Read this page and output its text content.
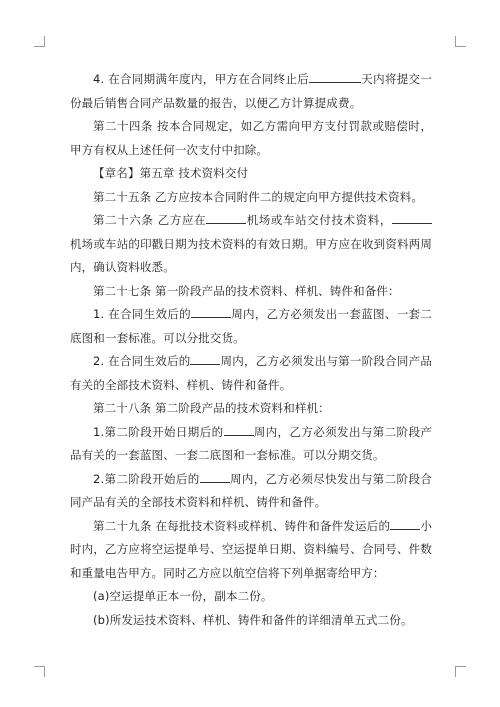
4. 在合同期满年度内，甲方在合同终止后	天内将提交一份最后销售合同产品数量的报告，以便乙方计算提成费。

第二十四条 按本合同规定，如乙方需向甲方支付罚款或赔偿时，甲方有权从上述任何一次支付中扣除。

【章名】第五章 技术资料交付

第二十五条 乙方应按本合同附件二的规定向甲方提供技术资料。

第二十六条 乙方应在	机场或车站交付技术资料，机场或车站的印戳日期为技术资料的有效日期。甲方应在收到资料两周内，确认资料收悉。

第二十七条 第一阶段产品的技术资料、样机、铸件和备件：

1. 在合同生效后的	周内，乙方必须发出一套蓝图、一套二底图和一套标准。可以分批交货。

2. 在合同生效后的	周内，乙方必须发出与第一阶段合同产品有关的全部技术资料、样机、铸件和备件。

第二十八条 第二阶段产品的技术资料和样机：

1.第二阶段开始日期后的	周内，乙方必须发出与第二阶段产品有关的一套蓝图、一套二底图和一套标准。可以分期交货。

2.第二阶段开始后的	周内，乙方必须尽快发出与第二阶段合同产品有关的全部技术资料和样机、铸件和备件。

第二十九条 在每批技术资料或样机、铸件和备件发运后的	小时内，乙方应将空运提单号、空运提单日期、资料编号、合同号、件数和重量电告甲方。同时乙方应以航空信将下列单据寄给甲方：

(a)空运提单正本一份，副本二份。

(b)所发运技术资料、样机、铸件和备件的详细清单五式二份。
